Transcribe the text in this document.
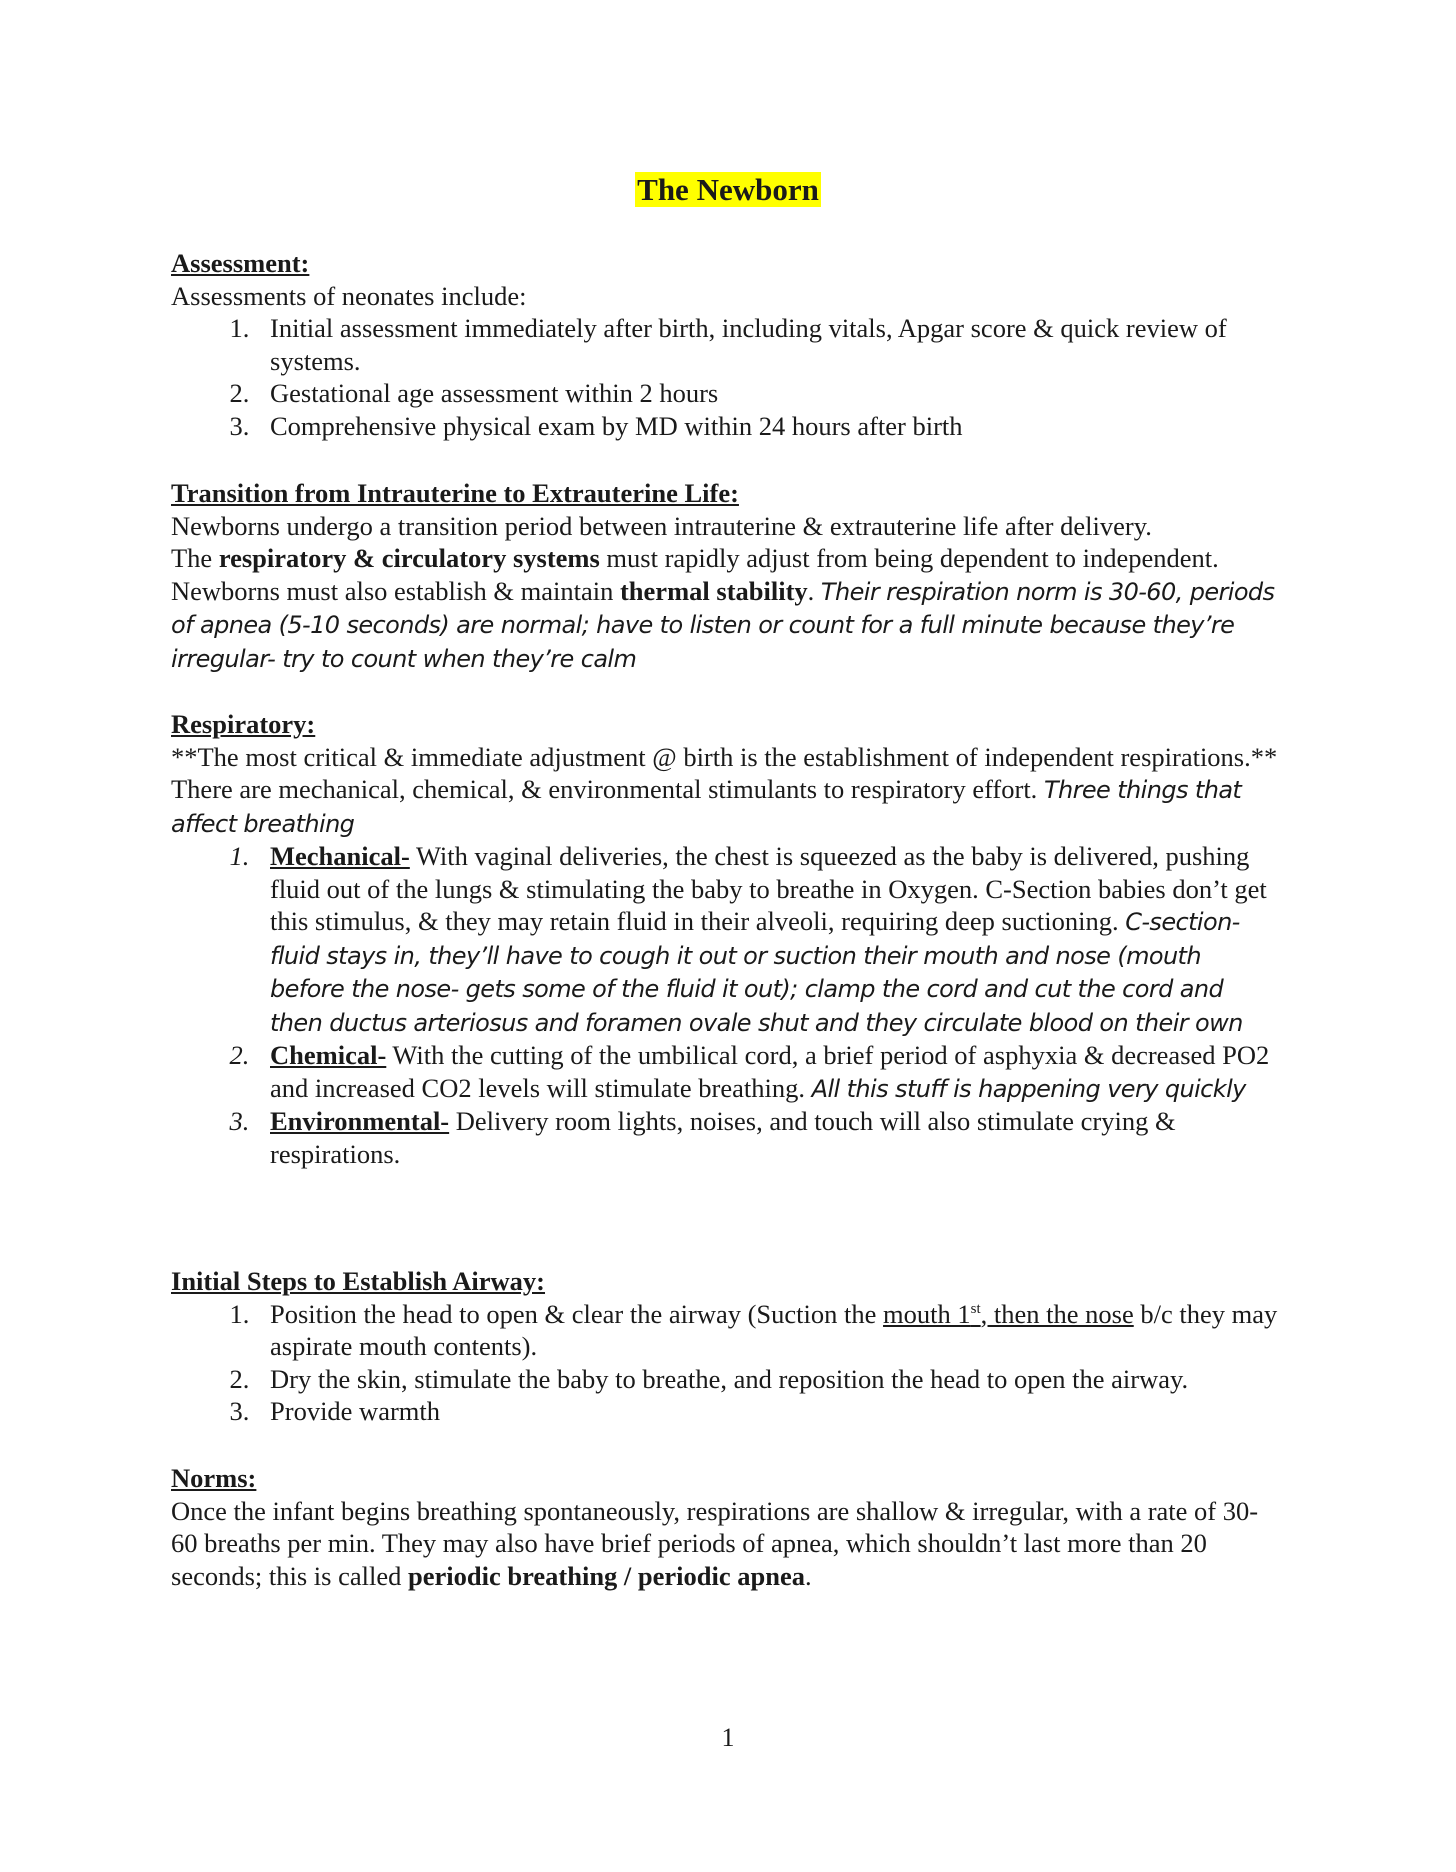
The Newborn

Assessment:

Assessments of neonates include:

1. Initial assessment immediately after birth, including vitals, Apgar score & quick review of systems.
2. Gestational age assessment within 2 hours
3. Comprehensive physical exam by MD within 24 hours after birth

Transition from Intrauterine to Extrauterine Life:

Newborns undergo a transition period between intrauterine & extrauterine life after delivery.

The respiratory & circulatory systems must rapidly adjust from being dependent to independent. Newborns must also establish & maintain thermal stability. Their respiration norm is 30-60, periods of apnea (5-10 seconds) are normal; have to listen or count for a full minute because they’re irregular- try to count when they’re calm

Respiratory:

**The most critical & immediate adjustment @ birth is the establishment of independent respirations.** There are mechanical, chemical, & environmental stimulants to respiratory effort. Three things that affect breathing

1. Mechanical- With vaginal deliveries, the chest is squeezed as the baby is delivered, pushing fluid out of the lungs & stimulating the baby to breathe in Oxygen. C-Section babies don’t get this stimulus, & they may retain fluid in their alveoli, requiring deep suctioning. C-section- fluid stays in, they’ll have to cough it out or suction their mouth and nose (mouth before the nose- gets some of the fluid it out); clamp the cord and cut the cord and then ductus arteriosus and foramen ovale shut and they circulate blood on their own
2. Chemical- With the cutting of the umbilical cord, a brief period of asphyxia & decreased PO2 and increased CO2 levels will stimulate breathing. All this stuff is happening very quickly
3. Environmental- Delivery room lights, noises, and touch will also stimulate crying & respirations.

Initial Steps to Establish Airway:

1. Position the head to open & clear the airway (Suction the mouth 1st, then the nose b/c they may aspirate mouth contents).
2. Dry the skin, stimulate the baby to breathe, and reposition the head to open the airway.
3. Provide warmth

Norms:

Once the infant begins breathing spontaneously, respirations are shallow & irregular, with a rate of 30-60 breaths per min. They may also have brief periods of apnea, which shouldn’t last more than 20 seconds; this is called periodic breathing / periodic apnea.

1
